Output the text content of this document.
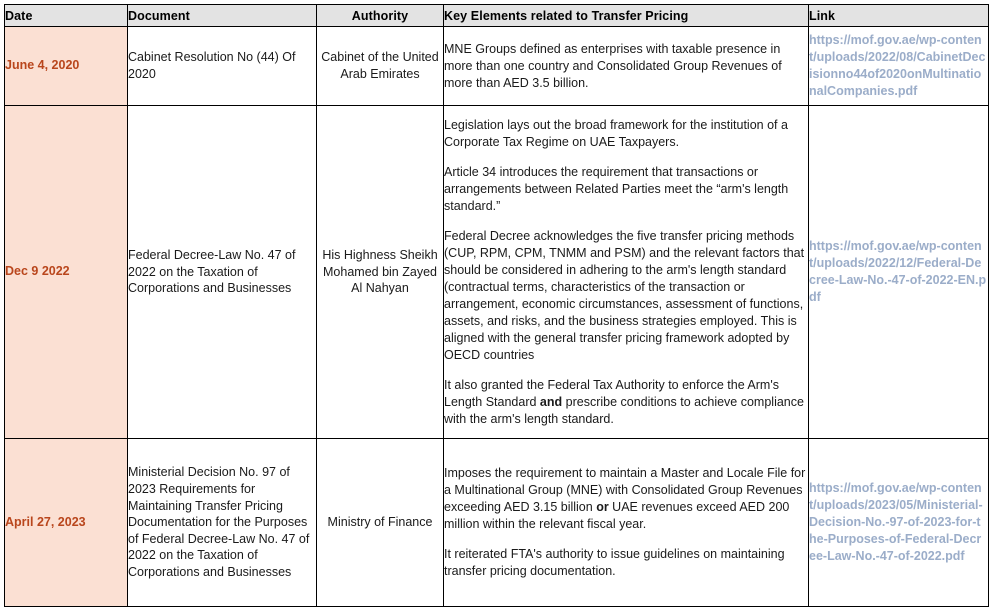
Date	Document	Authority	Key Elements related to Transfer Pricing	Link
June 4, 2020	Cabinet Resolution No (44) Of 2020	Cabinet of the United Arab Emirates	MNE Groups defined as enterprises with taxable presence in more than one country and Consolidated Group Revenues of more than AED 3.5 billion.	https://mof.gov.ae/wp-content/uploads/2022/08/CabinetDecisionno44of2020onMultinationalCompanies.pdf

Dec 9 2022	Federal Decree-Law No. 47 of 2022 on the Taxation of Corporations and Businesses	His Highness Sheikh Mohamed bin Zayed Al Nahyan	Legislation lays out the broad framework for the institution of a Corporate Tax Regime on UAE Taxpayers.

Article 34 introduces the requirement that transactions or arrangements between Related Parties meet the “arm's length standard.”

Federal Decree acknowledges the five transfer pricing methods (CUP, RPM, CPM, TNMM and PSM) and the relevant factors that should be considered in adhering to the arm's length standard (contractual terms, characteristics of the transaction or arrangement, economic circumstances, assessment of functions, assets, and risks, and the business strategies employed. This is aligned with the general transfer pricing framework adopted by OECD countries

It also granted the Federal Tax Authority to enforce the Arm's Length Standard and prescribe conditions to achieve compliance with the arm's length standard.	https://mof.gov.ae/wp-content/uploads/2022/12/Federal-Decree-Law-No.-47-of-2022-EN.pdf

April 27, 2023	Ministerial Decision No. 97 of 2023 Requirements for Maintaining Transfer Pricing Documentation for the Purposes of Federal Decree-Law No. 47 of 2022 on the Taxation of Corporations and Businesses	Ministry of Finance	Imposes the requirement to maintain a Master and Locale File for a Multinational Group (MNE) with Consolidated Group Revenues exceeding AED 3.15 billion or UAE revenues exceed AED 200 million within the relevant fiscal year.

It reiterated FTA's authority to issue guidelines on maintaining transfer pricing documentation.	https://mof.gov.ae/wp-content/uploads/2023/05/Ministerial-Decision-No.-97-of-2023-for-the-Purposes-of-Federal-Decree-Law-No.-47-of-2022.pdf
